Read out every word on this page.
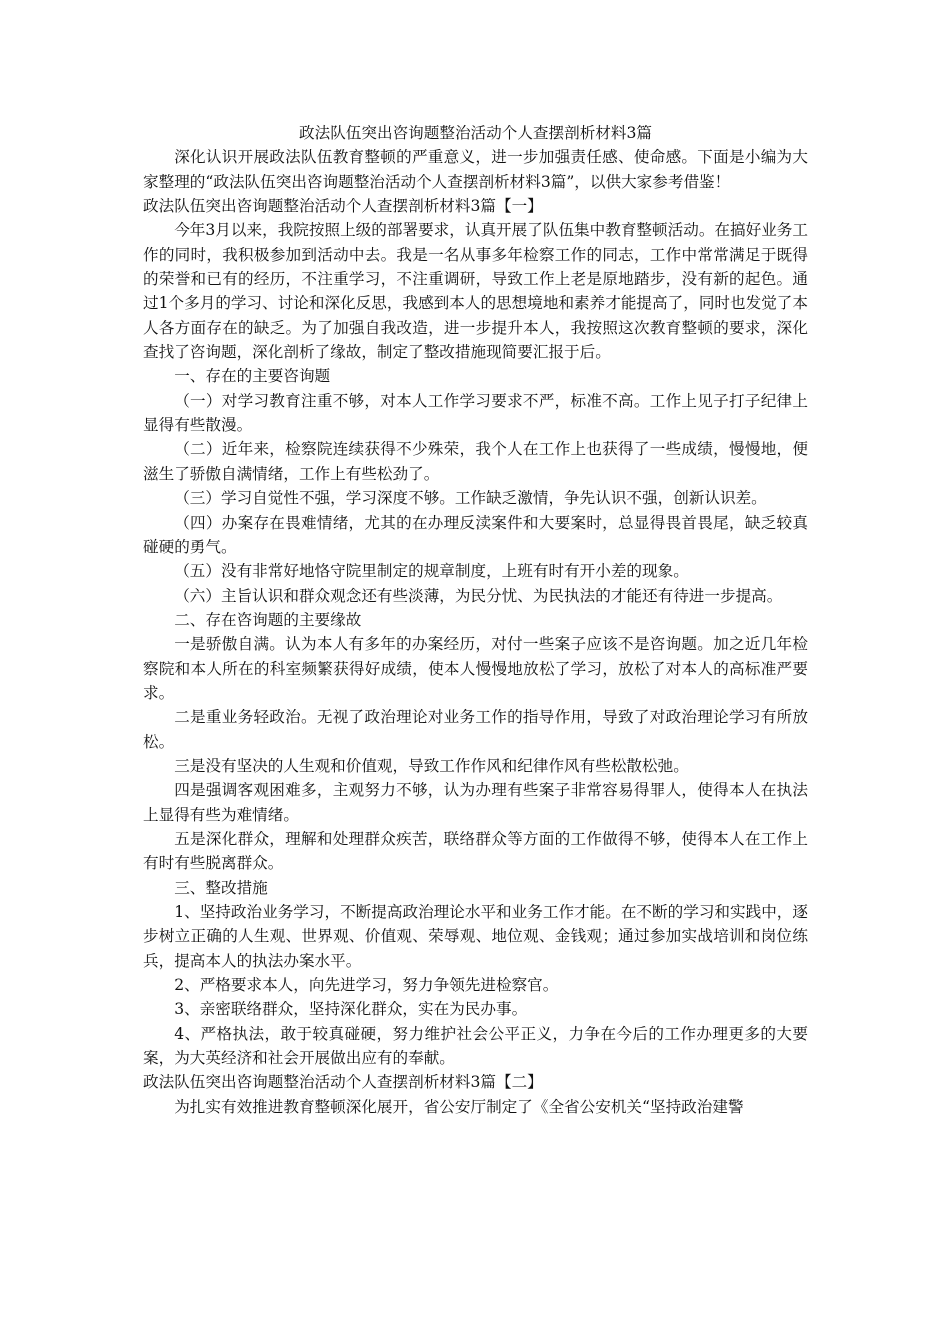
政法队伍突出咨询题整治活动个人查摆剖析材料3篇

深化认识开展政法队伍教育整顿的严重意义，进一步加强责任感、使命感。下面是小编为大家整理的“政法队伍突出咨询题整治活动个人查摆剖析材料3篇”，以供大家参考借鉴！

政法队伍突出咨询题整治活动个人查摆剖析材料3篇【一】

今年3月以来，我院按照上级的部署要求，认真开展了队伍集中教育整顿活动。在搞好业务工作的同时，我积极参加到活动中去。我是一名从事多年检察工作的同志，工作中常常满足于既得的荣誉和已有的经历，不注重学习，不注重调研，导致工作上老是原地踏步，没有新的起色。通过1个多月的学习、讨论和深化反思，我感到本人的思想境地和素养才能提高了，同时也发觉了本人各方面存在的缺乏。为了加强自我改造，进一步提升本人，我按照这次教育整顿的要求，深化查找了咨询题，深化剖析了缘故，制定了整改措施现简要汇报于后。

一、存在的主要咨询题

（一）对学习教育注重不够，对本人工作学习要求不严，标准不高。工作上见子打子纪律上显得有些散漫。

（二）近年来，检察院连续获得不少殊荣，我个人在工作上也获得了一些成绩，慢慢地，便滋生了骄傲自满情绪，工作上有些松劲了。

（三）学习自觉性不强，学习深度不够。工作缺乏激情，争先认识不强，创新认识差。

（四）办案存在畏难情绪，尤其的在办理反渎案件和大要案时，总显得畏首畏尾，缺乏较真碰硬的勇气。

（五）没有非常好地恪守院里制定的规章制度，上班有时有开小差的现象。

（六）主旨认识和群众观念还有些淡薄，为民分忧、为民执法的才能还有待进一步提高。

二、存在咨询题的主要缘故

一是骄傲自满。认为本人有多年的办案经历，对付一些案子应该不是咨询题。加之近几年检察院和本人所在的科室频繁获得好成绩，使本人慢慢地放松了学习，放松了对本人的高标准严要求。

二是重业务轻政治。无视了政治理论对业务工作的指导作用，导致了对政治理论学习有所放松。

三是没有坚决的人生观和价值观，导致工作作风和纪律作风有些松散松弛。

四是强调客观困难多，主观努力不够，认为办理有些案子非常容易得罪人，使得本人在执法上显得有些为难情绪。

五是深化群众，理解和处理群众疾苦，联络群众等方面的工作做得不够，使得本人在工作上有时有些脱离群众。

三、整改措施

1、坚持政治业务学习，不断提高政治理论水平和业务工作才能。在不断的学习和实践中，逐步树立正确的人生观、世界观、价值观、荣辱观、地位观、金钱观；通过参加实战培训和岗位练兵，提高本人的执法办案水平。

2、严格要求本人，向先进学习，努力争领先进检察官。

3、亲密联络群众，坚持深化群众，实在为民办事。

4、严格执法，敢于较真碰硬，努力维护社会公平正义，力争在今后的工作办理更多的大要案，为大英经济和社会开展做出应有的奉献。

政法队伍突出咨询题整治活动个人查摆剖析材料3篇【二】

为扎实有效推进教育整顿深化展开，省公安厅制定了《全省公安机关“坚持政治建警
